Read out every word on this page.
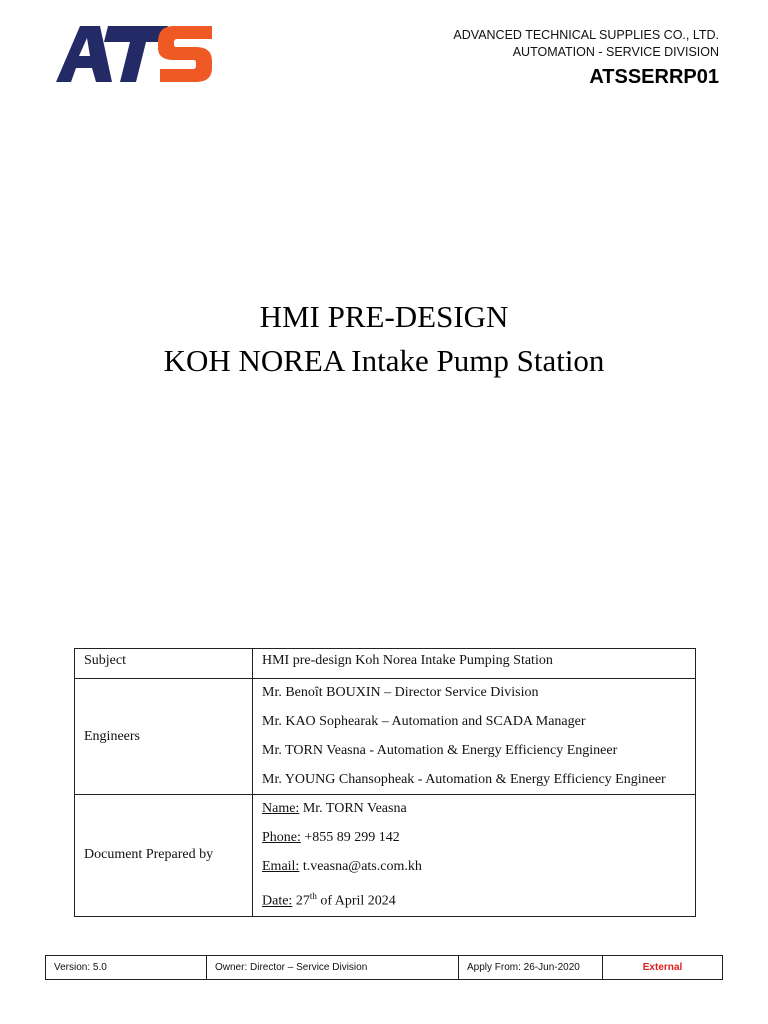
ADVANCED TECHNICAL SUPPLIES CO., LTD.
AUTOMATION - SERVICE DIVISION
ATSSERRP01
HMI PRE-DESIGN
KOH NOREA Intake Pump Station
Subject	HMI pre-design Koh Norea Intake Pumping Station
Engineers	Mr. Benoît BOUXIN – Director Service Division
Mr. KAO Sophearak – Automation and SCADA Manager
Mr. TORN Veasna - Automation & Energy Efficiency Engineer
Mr. YOUNG Chansopheak - Automation & Energy Efficiency Engineer

Document Prepared by	Name: Mr. TORN Veasna
Phone: +855 89 299 142
Email: t.veasna@ats.com.kh
Date: 27th of April 2024
Version: 5.0	Owner: Director – Service Division	Apply From: 26-Jun-2020	External
